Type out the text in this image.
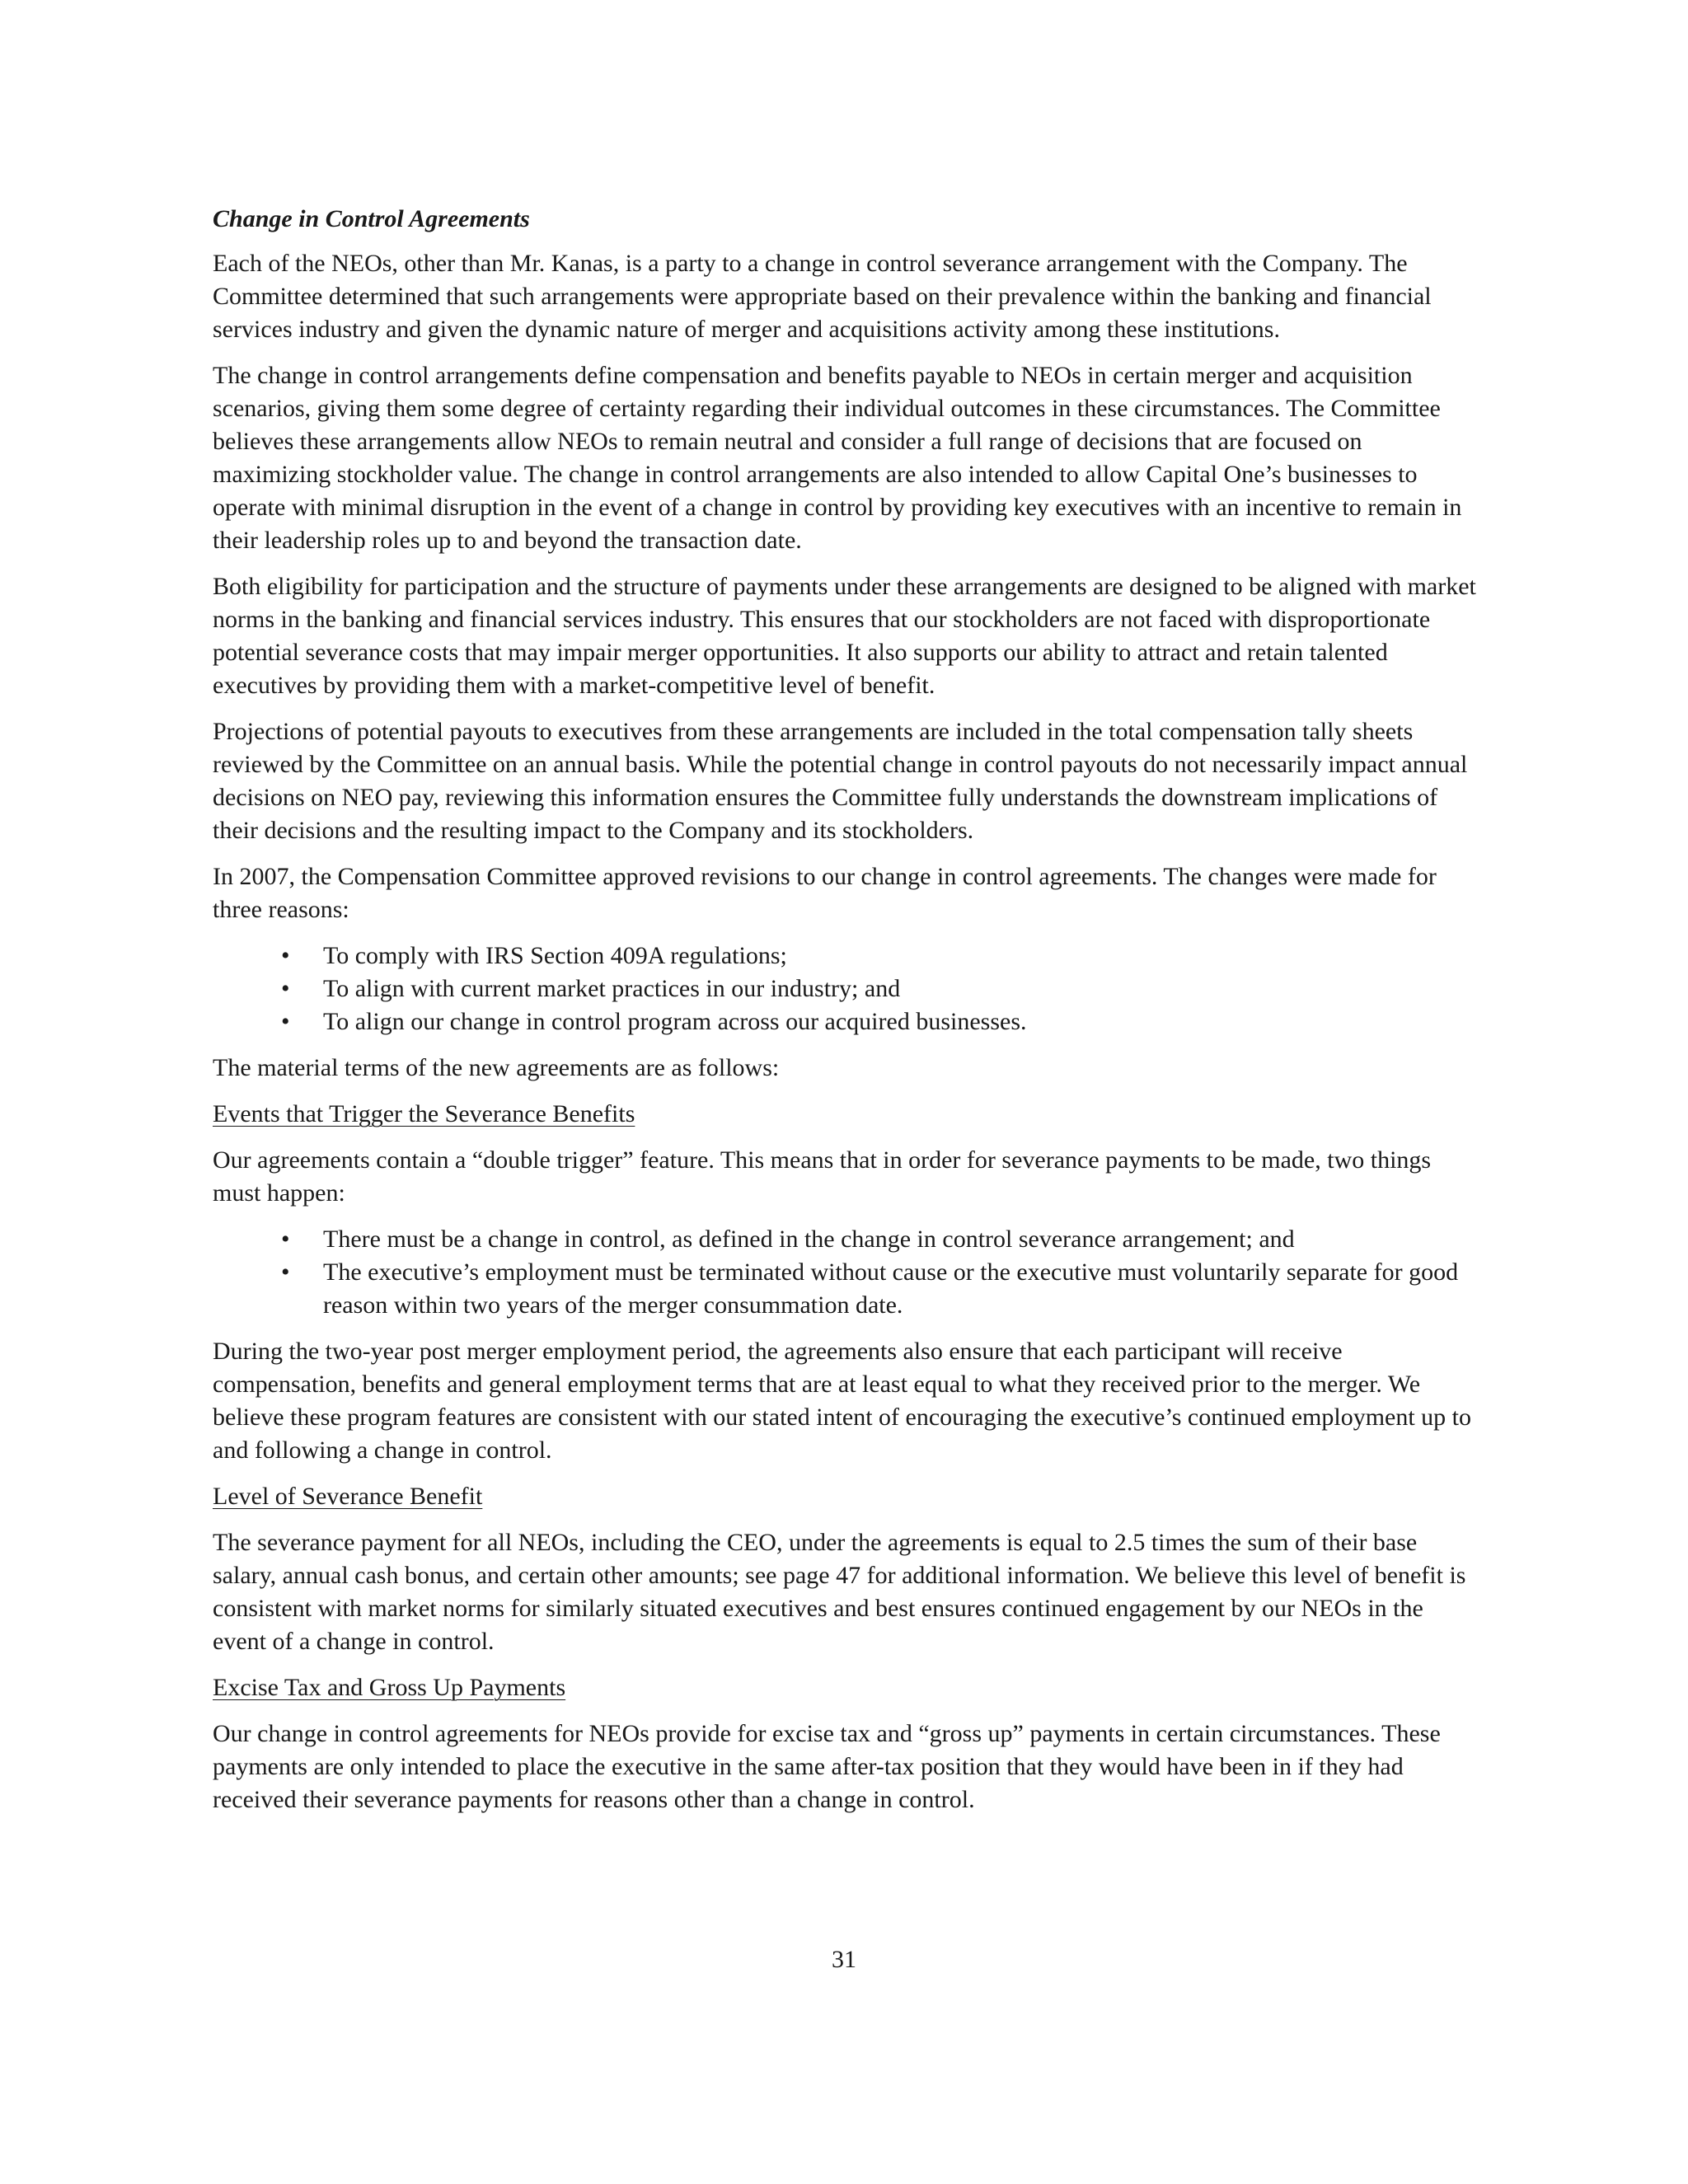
Change in Control Agreements

Each of the NEOs, other than Mr. Kanas, is a party to a change in control severance arrangement with the Company. The Committee determined that such arrangements were appropriate based on their prevalence within the banking and financial services industry and given the dynamic nature of merger and acquisitions activity among these institutions.

The change in control arrangements define compensation and benefits payable to NEOs in certain merger and acquisition scenarios, giving them some degree of certainty regarding their individual outcomes in these circumstances. The Committee believes these arrangements allow NEOs to remain neutral and consider a full range of decisions that are focused on maximizing stockholder value. The change in control arrangements are also intended to allow Capital One’s businesses to operate with minimal disruption in the event of a change in control by providing key executives with an incentive to remain in their leadership roles up to and beyond the transaction date.

Both eligibility for participation and the structure of payments under these arrangements are designed to be aligned with market norms in the banking and financial services industry. This ensures that our stockholders are not faced with disproportionate potential severance costs that may impair merger opportunities. It also supports our ability to attract and retain talented executives by providing them with a market-competitive level of benefit.

Projections of potential payouts to executives from these arrangements are included in the total compensation tally sheets reviewed by the Committee on an annual basis. While the potential change in control payouts do not necessarily impact annual decisions on NEO pay, reviewing this information ensures the Committee fully understands the downstream implications of their decisions and the resulting impact to the Company and its stockholders.

In 2007, the Compensation Committee approved revisions to our change in control agreements. The changes were made for three reasons:

• To comply with IRS Section 409A regulations;
• To align with current market practices in our industry; and
• To align our change in control program across our acquired businesses.

The material terms of the new agreements are as follows:

Events that Trigger the Severance Benefits

Our agreements contain a “double trigger” feature. This means that in order for severance payments to be made, two things must happen:

• There must be a change in control, as defined in the change in control severance arrangement; and
• The executive’s employment must be terminated without cause or the executive must voluntarily separate for good reason within two years of the merger consummation date.

During the two-year post merger employment period, the agreements also ensure that each participant will receive compensation, benefits and general employment terms that are at least equal to what they received prior to the merger. We believe these program features are consistent with our stated intent of encouraging the executive’s continued employment up to and following a change in control.

Level of Severance Benefit

The severance payment for all NEOs, including the CEO, under the agreements is equal to 2.5 times the sum of their base salary, annual cash bonus, and certain other amounts; see page 47 for additional information. We believe this level of benefit is consistent with market norms for similarly situated executives and best ensures continued engagement by our NEOs in the event of a change in control.

Excise Tax and Gross Up Payments

Our change in control agreements for NEOs provide for excise tax and “gross up” payments in certain circumstances. These payments are only intended to place the executive in the same after-tax position that they would have been in if they had received their severance payments for reasons other than a change in control.

31
